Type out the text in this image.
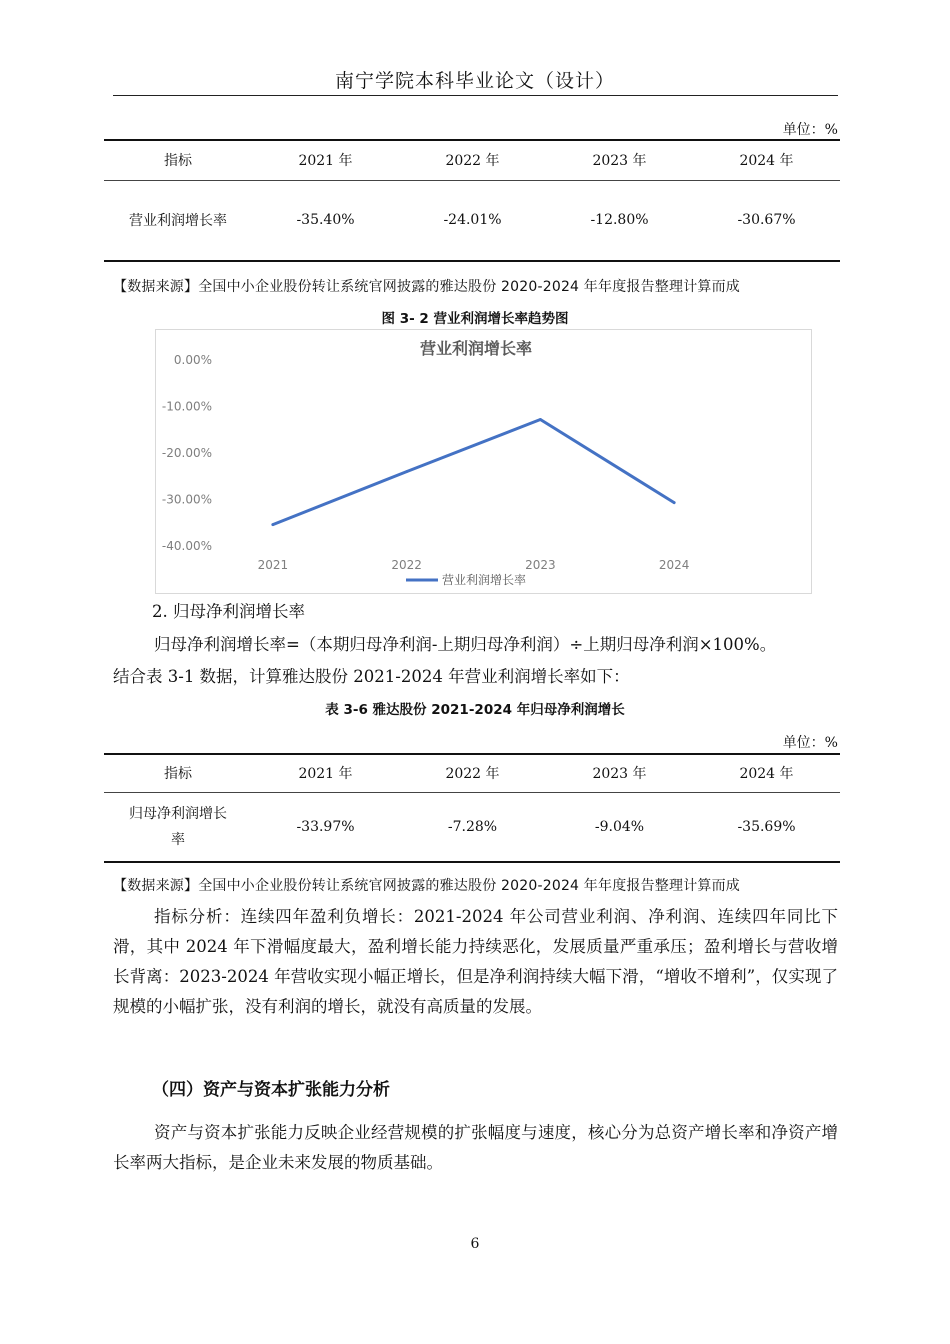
南宁学院本科毕业论文（设计）
单位：%
指标	2021 年	2022 年	2023 年	2024 年
营业利润增长率	-35.40%	-24.01%	-12.80%	-30.67%
【数据来源】全国中小企业股份转让系统官网披露的雅达股份 2020-2024 年年度报告整理计算而成
图 3- 2 营业利润增长率趋势图
营业利润增长率
0.00%
-10.00%
-20.00%
-30.00%
-40.00%
2021	2022	2023	2024
营业利润增长率
2. 归母净利润增长率
归母净利润增长率=（本期归母净利润-上期归母净利润）÷上期归母净利润×100%。
结合表 3-1 数据，计算雅达股份 2021-2024 年营业利润增长率如下：
表 3-6 雅达股份 2021-2024 年归母净利润增长
单位：%
指标	2021 年	2022 年	2023 年	2024 年

归母净利润增长
率	-33.97%	-7.28%	-9.04%	-35.69%
【数据来源】全国中小企业股份转让系统官网披露的雅达股份 2020-2024 年年度报告整理计算而成
指标分析：连续四年盈利负增长：2021-2024 年公司营业利润、净利润、连续四年同比下滑，其中 2024 年下滑幅度最大，盈利增长能力持续恶化，发展质量严重承压；盈利增长与营收增长背离：2023-2024 年营收实现小幅正增长，但是净利润持续大幅下滑，“增收不增利”，仅实现了规模的小幅扩张，没有利润的增长，就没有高质量的发展。
（四）资产与资本扩张能力分析
资产与资本扩张能力反映企业经营规模的扩张幅度与速度，核心分为总资产增长率和净资产增长率两大指标，是企业未来发展的物质基础。
6
